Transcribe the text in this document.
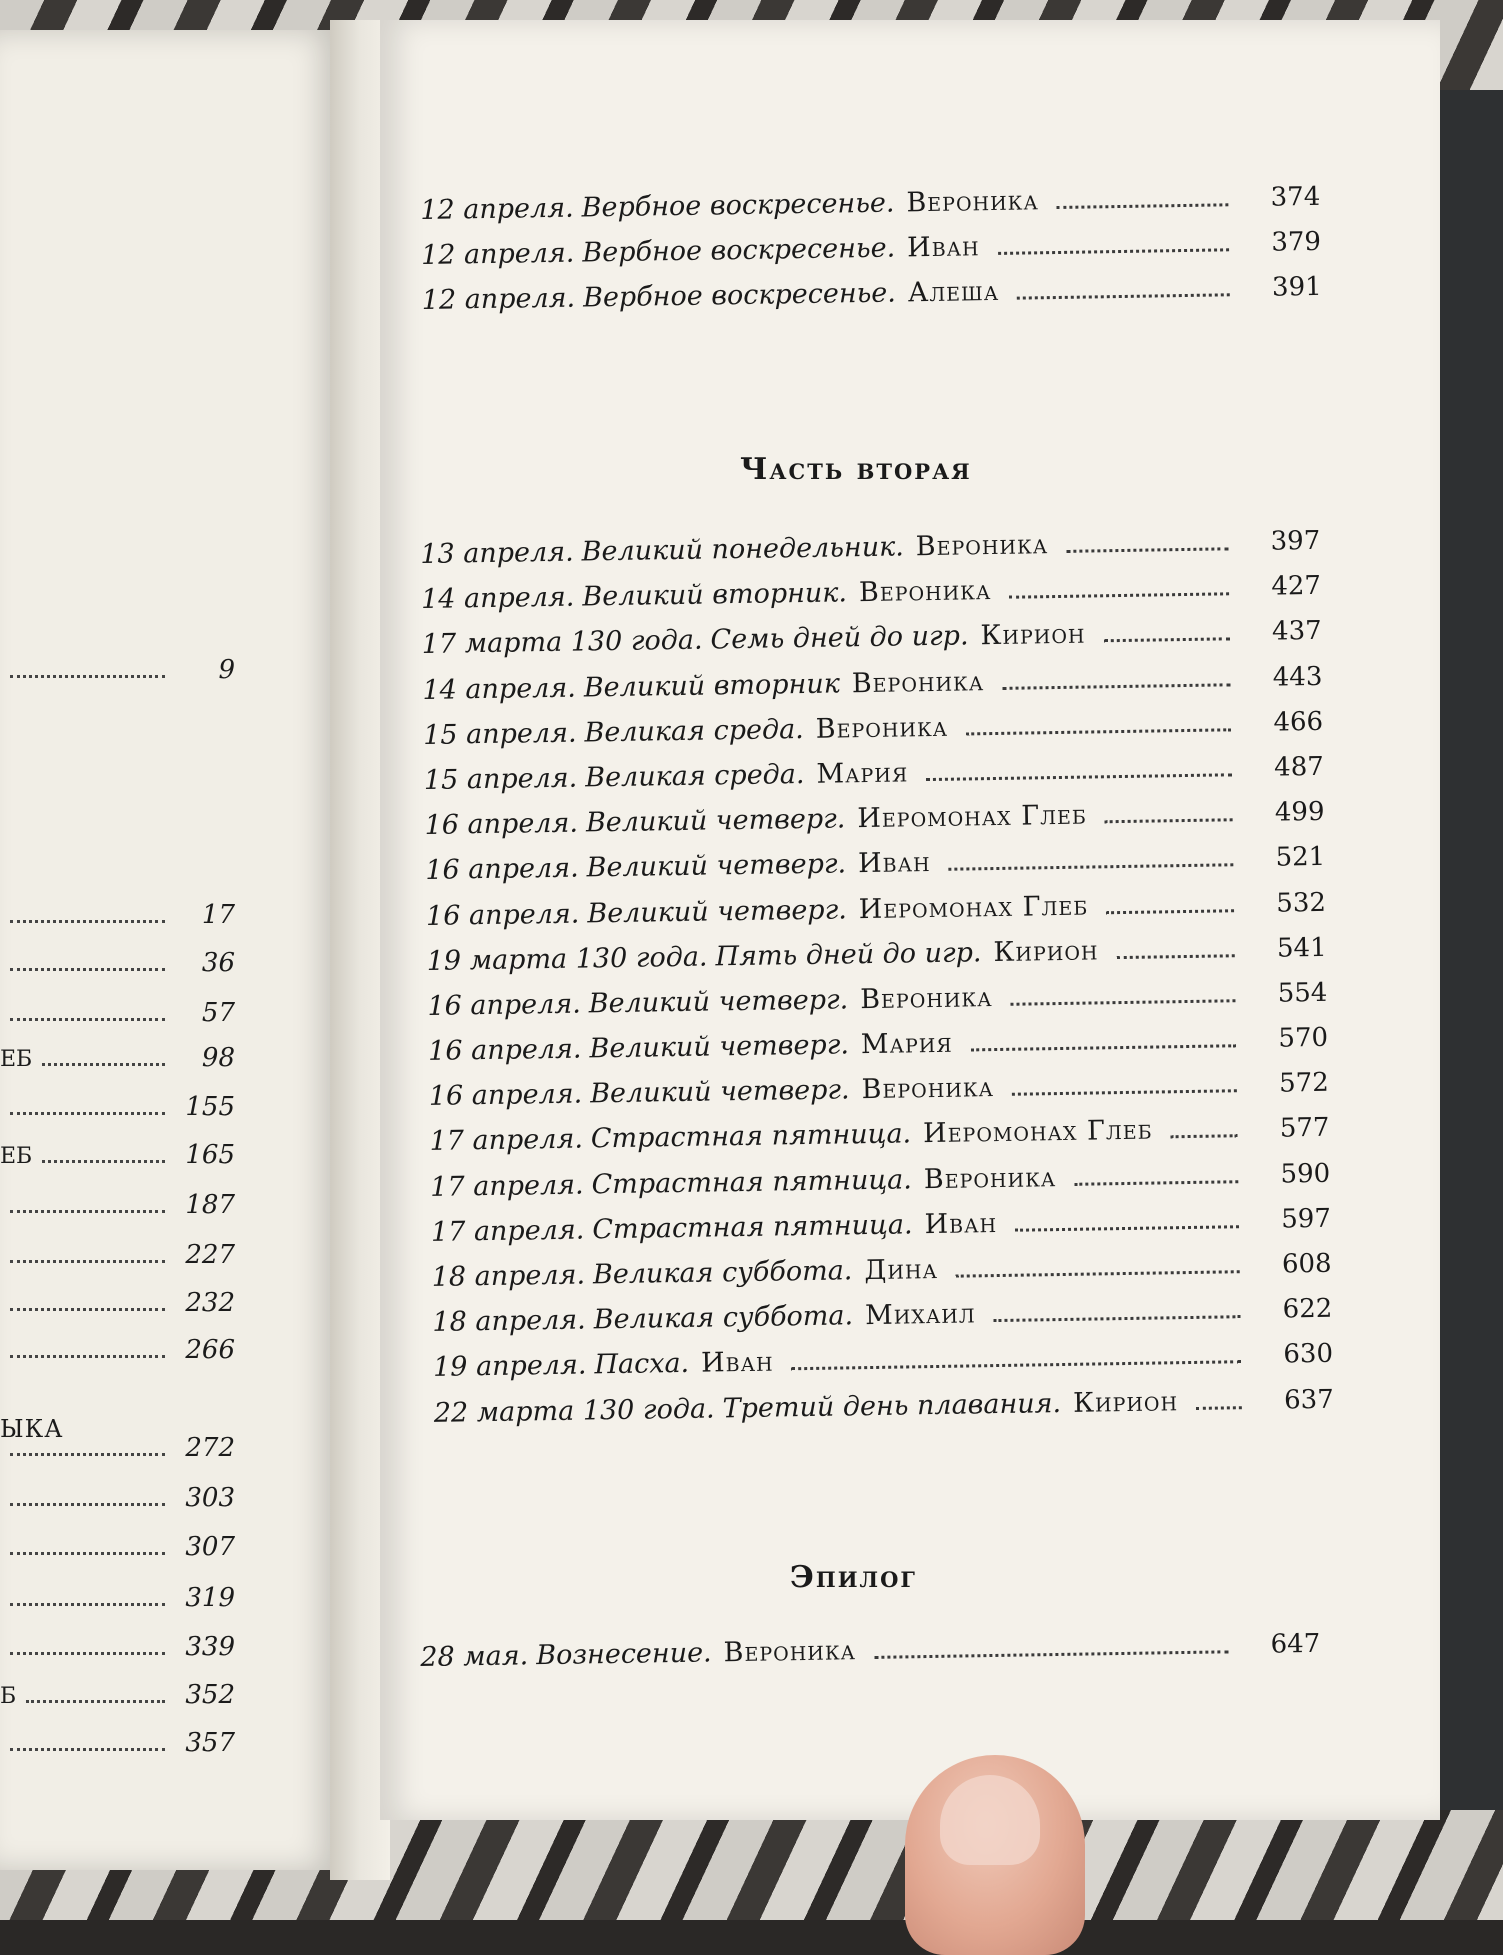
ЫКА
9
17
36
57
ЕБ	98
155
ЕБ	165
187
227
232
266
272
303
307
319
339
Б	352
357
12 апреля. Вербное воскресенье. Вероника	374
12 апреля. Вербное воскресенье. Иван	379
12 апреля. Вербное воскресенье. Алеша	391
Часть вторая
13 апреля. Великий понедельник. Вероника	397
14 апреля. Великий вторник. Вероника	427
17 марта 130 года. Семь дней до игр. Кирион	437
14 апреля. Великий вторник Вероника	443
15 апреля. Великая среда. Вероника	466
15 апреля. Великая среда. Мария	487
16 апреля. Великий четверг. Иеромонах Глеб	499
16 апреля. Великий четверг. Иван	521
16 апреля. Великий четверг. Иеромонах Глеб	532
19 марта 130 года. Пять дней до игр. Кирион	541
16 апреля. Великий четверг. Вероника	554
16 апреля. Великий четверг. Мария	570
16 апреля. Великий четверг. Вероника	572
17 апреля. Страстная пятница. Иеромонах Глеб	577
17 апреля. Страстная пятница. Вероника	590
17 апреля. Страстная пятница. Иван	597
18 апреля. Великая суббота. Дина	608
18 апреля. Великая суббота. Михаил	622
19 апреля. Пасха. Иван	630
22 марта 130 года. Третий день плавания. Кирион	637
Эпилог
28 мая. Вознесение. Вероника	647
